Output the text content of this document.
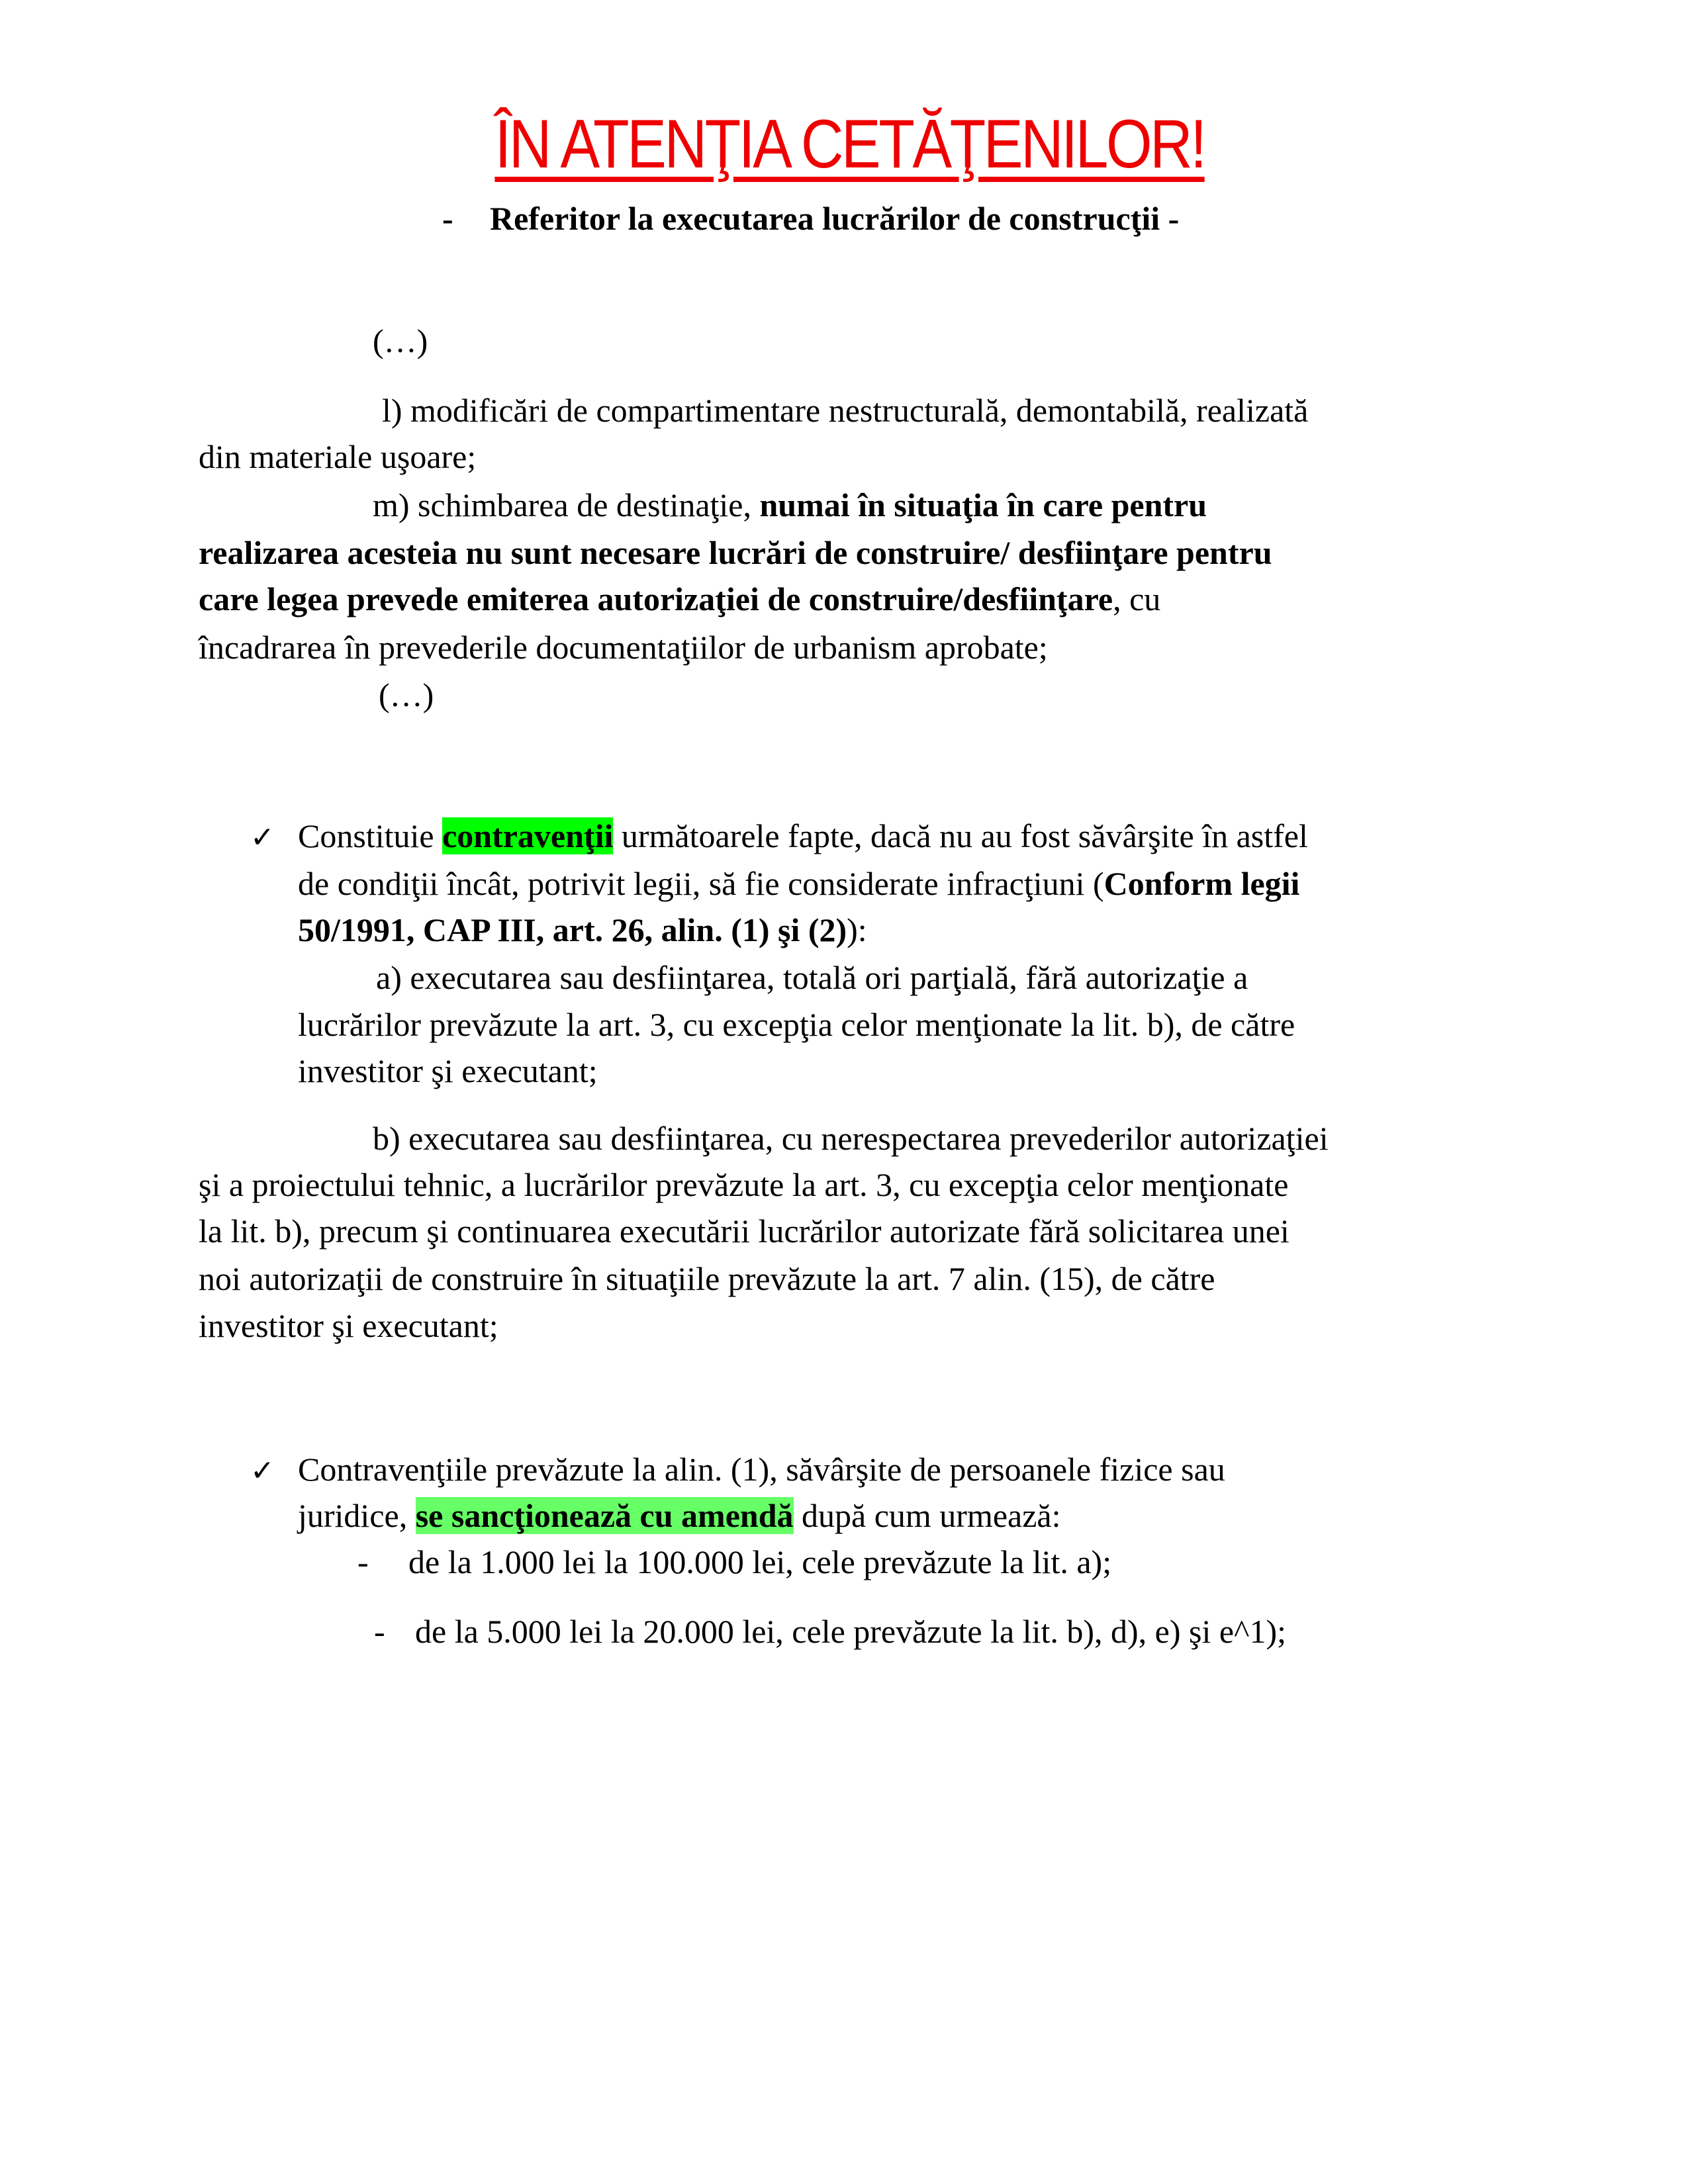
ÎN ATENŢIA CETĂŢENILOR!
- Referitor la executarea lucrărilor de construcţii -
(…)
l) modificări de compartimentare nestructurală, demontabilă, realizată
din materiale uşoare;
m) schimbarea de destinaţie, numai în situaţia în care pentru
realizarea acesteia nu sunt necesare lucrări de construire/ desfiinţare pentru
care legea prevede emiterea autorizaţiei de construire/desfiinţare, cu
încadrarea în prevederile documentaţiilor de urbanism aprobate;
(…)
✓ Constituie contravenţii următoarele fapte, dacă nu au fost săvârşite în astfel
de condiţii încât, potrivit legii, să fie considerate infracţiuni (Conform legii
50/1991, CAP III, art. 26, alin. (1) şi (2)):
a) executarea sau desfiinţarea, totală ori parţială, fără autorizaţie a
lucrărilor prevăzute la art. 3, cu excepţia celor menţionate la lit. b), de către
investitor şi executant;
b) executarea sau desfiinţarea, cu nerespectarea prevederilor autorizaţiei
şi a proiectului tehnic, a lucrărilor prevăzute la art. 3, cu excepţia celor menţionate
la lit. b), precum şi continuarea executării lucrărilor autorizate fără solicitarea unei
noi autorizaţii de construire în situaţiile prevăzute la art. 7 alin. (15), de către
investitor şi executant;
✓ Contravenţiile prevăzute la alin. (1), săvârşite de persoanele fizice sau
juridice, se sancţionează cu amendă după cum urmează:
- de la 1.000 lei la 100.000 lei, cele prevăzute la lit. a);
- de la 5.000 lei la 20.000 lei, cele prevăzute la lit. b), d), e) şi e^1);
